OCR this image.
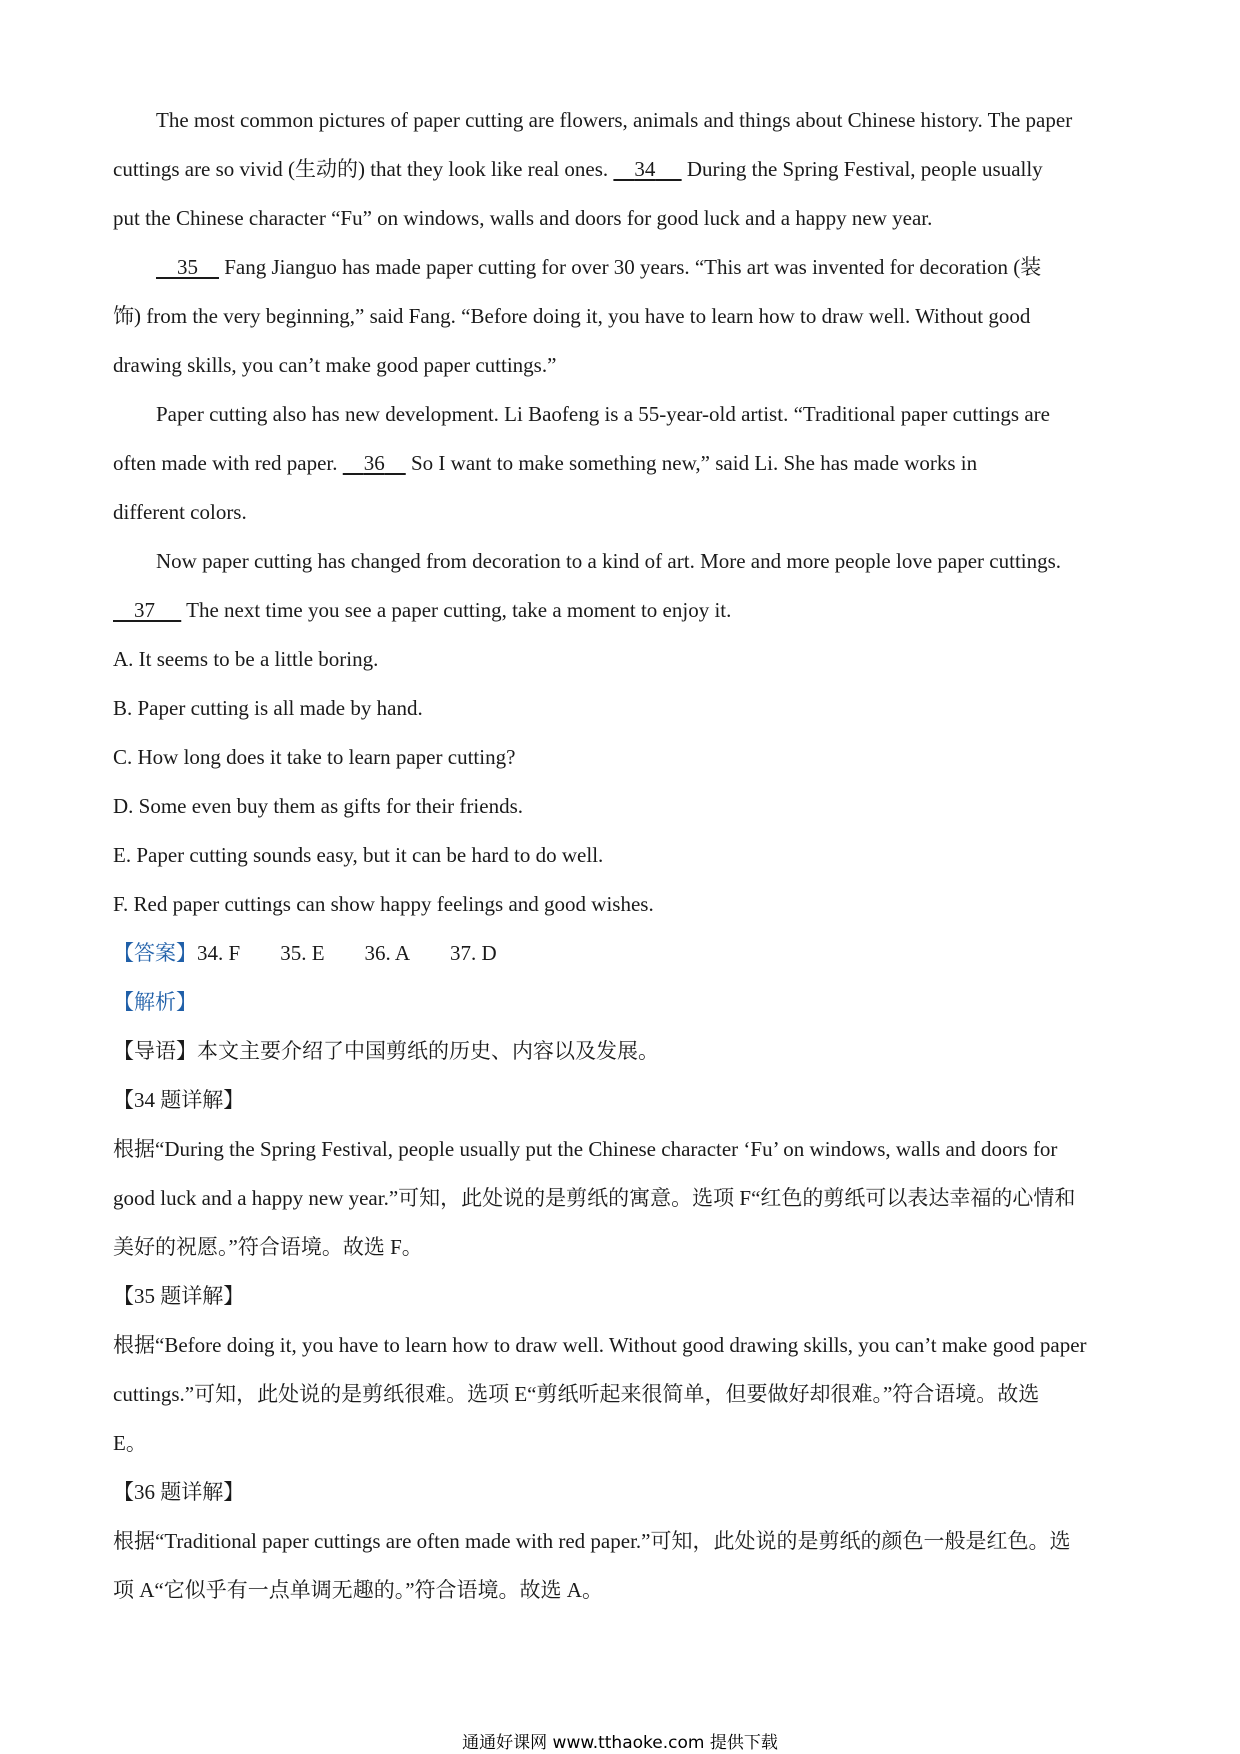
The most common pictures of paper cutting are flowers, animals and things about Chinese history. The paper
cuttings are so vivid (生动的) that they look like real ones.     34      During the Spring Festival, people usually
put the Chinese character “Fu” on windows, walls and doors for good luck and a happy new year.
35     Fang Jianguo has made paper cutting for over 30 years. “This art was invented for decoration (装
饰) from the very beginning,” said Fang. “Before doing it, you have to learn how to draw well. Without good
drawing skills, you can’t make good paper cuttings.”
Paper cutting also has new development. Li Baofeng is a 55-year-old artist. “Traditional paper cuttings are
often made with red paper.     36     So I want to make something new,” said Li. She has made works in
different colors.
Now paper cutting has changed from decoration to a kind of art. More and more people love paper cuttings.
37      The next time you see a paper cutting, take a moment to enjoy it.
A. It seems to be a little boring.
B. Paper cutting is all made by hand.
C. How long does it take to learn paper cutting?
D. Some even buy them as gifts for their friends.
E. Paper cutting sounds easy, but it can be hard to do well.
F. Red paper cuttings can show happy feelings and good wishes.
【答案】34. F 35. E 36. A 37. D
【解析】
【导语】本文主要介绍了中国剪纸的历史、内容以及发展。
【34 题详解】
根据“During the Spring Festival, people usually put the Chinese character ‘Fu’ on windows, walls and doors for
good luck and a happy new year.”可知，此处说的是剪纸的寓意。选项 F“红色的剪纸可以表达幸福的心情和
美好的祝愿。”符合语境。故选 F。
【35 题详解】
根据“Before doing it, you have to learn how to draw well. Without good drawing skills, you can’t make good paper
cuttings.”可知，此处说的是剪纸很难。选项 E“剪纸听起来很简单，但要做好却很难。”符合语境。故选
E。
【36 题详解】
根据“Traditional paper cuttings are often made with red paper.”可知，此处说的是剪纸的颜色一般是红色。选
项 A“它似乎有一点单调无趣的。”符合语境。故选 A。
通通好课网 www.tthaoke.com 提供下载
